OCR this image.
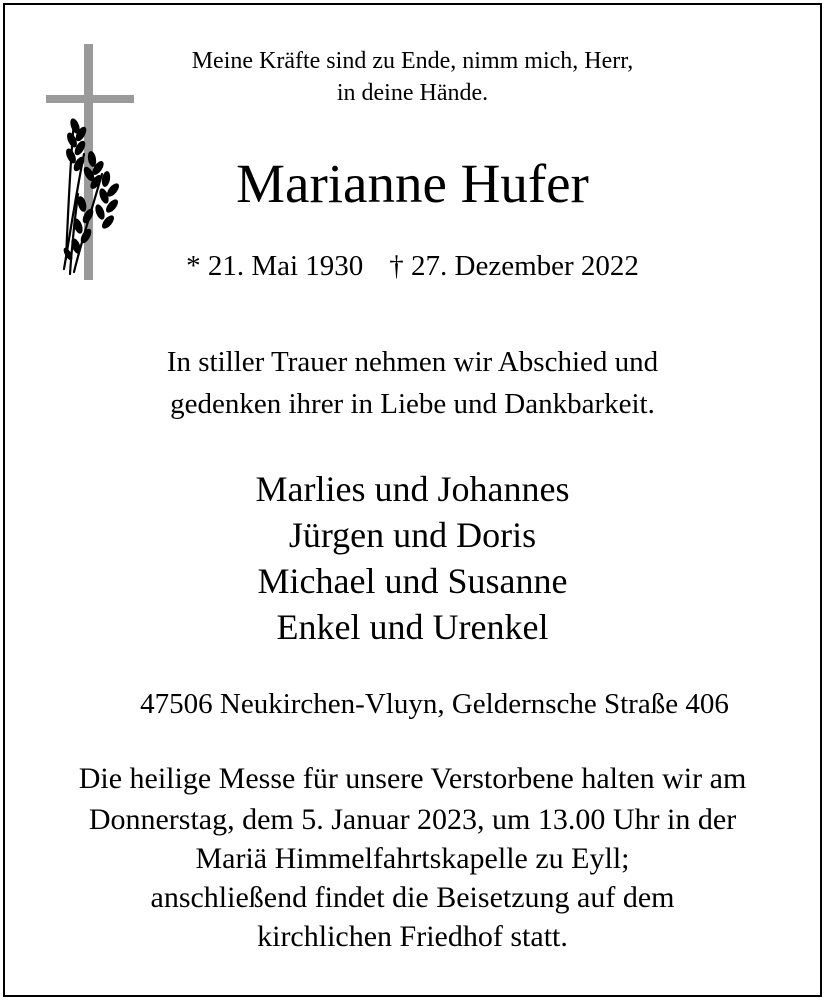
Meine Kräfte sind zu Ende, nimm mich, Herr,
in deine Hände.
Marianne Hufer
* 21. Mai 1930 † 27. Dezember 2022
In stiller Trauer nehmen wir Abschied und
gedenken ihrer in Liebe und Dankbarkeit.
Marlies und Johannes
Jürgen und Doris
Michael und Susanne
Enkel und Urenkel
47506 Neukirchen-Vluyn, Geldernsche Straße 406
Die heilige Messe für unsere Verstorbene halten wir am
Donnerstag, dem 5. Januar 2023, um 13.00 Uhr in der
Mariä Himmelfahrtskapelle zu Eyll;
anschließend findet die Beisetzung auf dem
kirchlichen Friedhof statt.
